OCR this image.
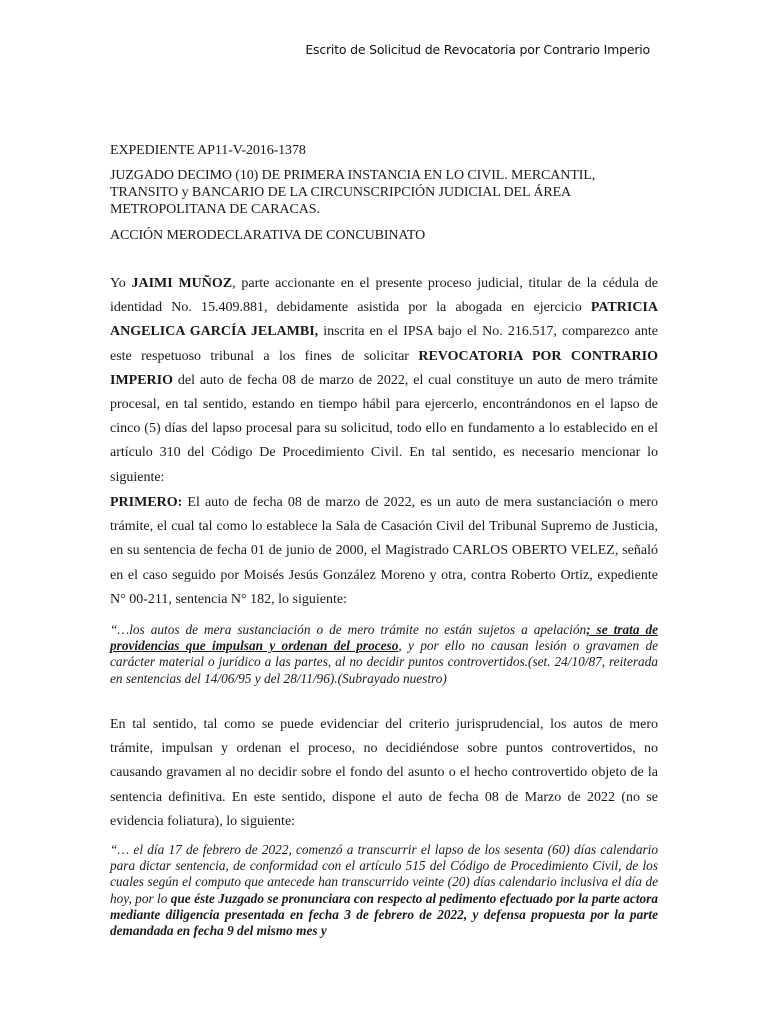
Escrito de Solicitud de Revocatoria por Contrario Imperio
EXPEDIENTE AP11-V-2016-1378
JUZGADO DECIMO (10) DE PRIMERA INSTANCIA EN LO CIVIL. MERCANTIL, TRANSITO y BANCARIO DE LA CIRCUNSCRIPCIÓN JUDICIAL DEL ÁREA METROPOLITANA DE CARACAS.
ACCIÓN MERODECLARATIVA DE CONCUBINATO
Yo JAIMI MUÑOZ, parte accionante en el presente proceso judicial, titular de la cédula de identidad No. 15.409.881, debidamente asistida por la abogada en ejercicio PATRICIA ANGELICA GARCÍA JELAMBI, inscrita en el IPSA bajo el No. 216.517, comparezco ante este respetuoso tribunal a los fines de solicitar REVOCATORIA POR CONTRARIO IMPERIO del auto de fecha 08 de marzo de 2022, el cual constituye un auto de mero trámite procesal, en tal sentido, estando en tiempo hábil para ejercerlo, encontrándonos en el lapso de cinco (5) días del lapso procesal para su solicitud, todo ello en fundamento a lo establecido en el artículo 310 del Código De Procedimiento Civil. En tal sentido, es necesario mencionar lo siguiente:
PRIMERO: El auto de fecha 08 de marzo de 2022, es un auto de mera sustanciación o mero trámite, el cual tal como lo establece la Sala de Casación Civil del Tribunal Supremo de Justicia, en su sentencia de fecha 01 de junio de 2000, el Magistrado CARLOS OBERTO VELEZ, señaló en el caso seguido por Moisés Jesús González Moreno y otra, contra Roberto Ortiz, expediente N° 00-211, sentencia N° 182, lo siguiente:
“…los autos de mera sustanciación o de mero trámite no están sujetos a apelación; se trata de providencias que impulsan y ordenan del proceso, y por ello no causan lesión o gravamen de carácter material o jurídico a las partes, al no decidir puntos controvertidos.(set. 24/10/87, reiterada en sentencias del 14/06/95 y del 28/11/96).(Subrayado nuestro)
En tal sentido, tal como se puede evidenciar del criterio jurisprudencial, los autos de mero trámite, impulsan y ordenan el proceso, no decidiéndose sobre puntos controvertidos, no causando gravamen al no decidir sobre el fondo del asunto o el hecho controvertido objeto de la sentencia definitiva. En este sentido, dispone el auto de fecha 08 de Marzo de 2022 (no se evidencia foliatura), lo siguiente:
“… el día 17 de febrero de 2022, comenzó a transcurrir el lapso de los sesenta (60) días calendario para dictar sentencia, de conformidad con el artículo 515 del Código de Procedimiento Civil, de los cuales según el computo que antecede han transcurrido veinte (20) días calendario inclusiva el día de hoy, por lo que éste Juzgado se pronunciara con respecto al pedimento efectuado por la parte actora mediante diligencia presentada en fecha 3 de febrero de 2022, y defensa propuesta por la parte demandada en fecha 9 del mismo mes y
